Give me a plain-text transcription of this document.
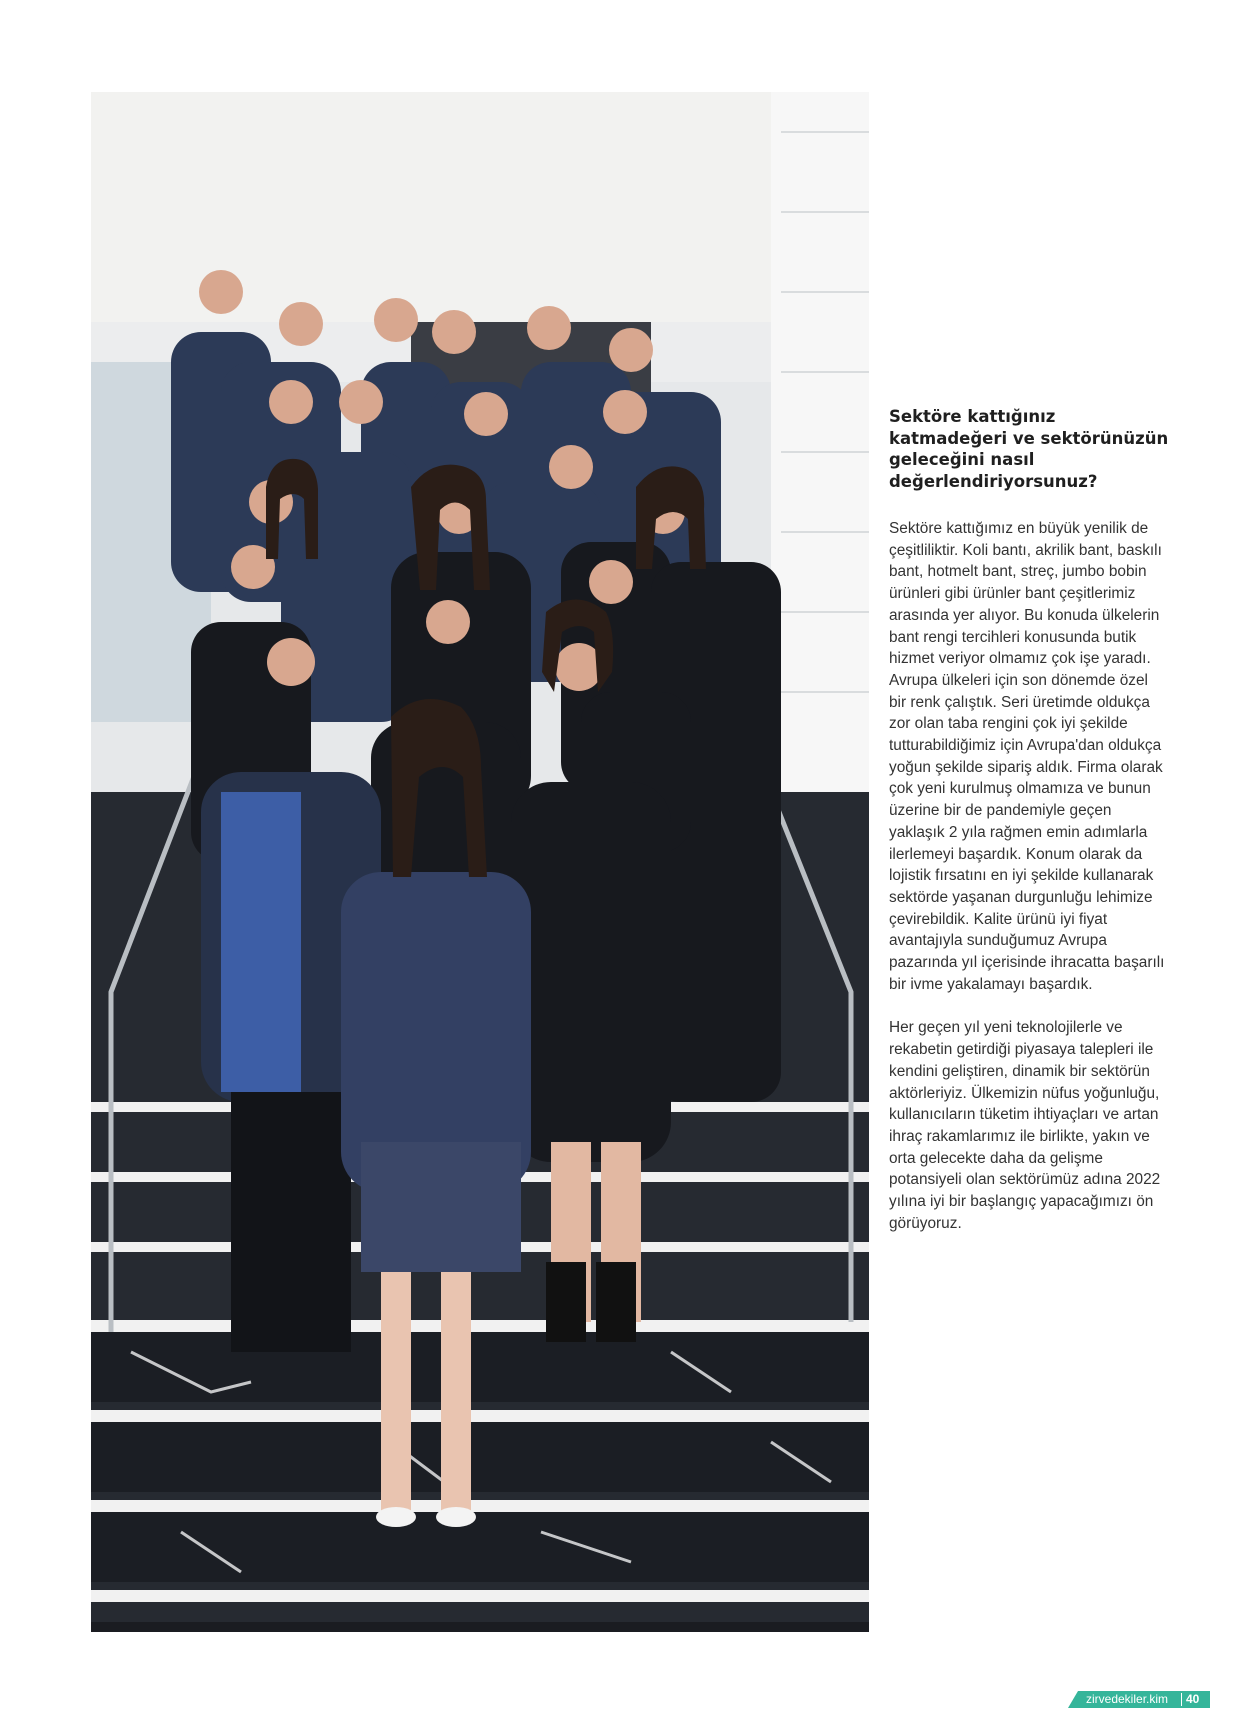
Sektöre kattığınız katmadeğeri ve sektörünüzün geleceğini nasıl değerlendiriyorsunuz?

Sektöre kattığımız en büyük yenilik de çeşitliliktir. Koli bantı, akrilik bant, baskılı bant, hotmelt bant, streç, jumbo bobin ürünleri gibi ürünler bant çeşitlerimiz arasında yer alıyor. Bu konuda ülkelerin bant rengi tercihleri konusunda butik hizmet veriyor olmamız çok işe yaradı. Avrupa ülkeleri için son dönemde özel bir renk çalıştık. Seri üretimde oldukça zor olan taba rengini çok iyi şekilde tutturabildiğimiz için Avrupa'dan oldukça yoğun şekilde sipariş aldık. Firma olarak çok yeni kurulmuş olmamıza ve bunun üzerine bir de pandemiyle geçen yaklaşık 2 yıla rağmen emin adımlarla ilerlemeyi başardık. Konum olarak da lojistik fırsatını en iyi şekilde kullanarak sektörde yaşanan durgunluğu lehimize çevirebildik. Kalite ürünü iyi fiyat avantajıyla sunduğumuz Avrupa pazarında yıl içerisinde ihracatta başarılı bir ivme yakalamayı başardık.

Her geçen yıl yeni teknolojilerle ve rekabetin getirdiği piyasaya talepleri ile kendini geliştiren, dinamik bir sektörün aktörleriyiz. Ülkemizin nüfus yoğunluğu, kullanıcıların tüketim ihtiyaçları ve artan ihraç rakamlarımız ile birlikte, yakın ve orta gelecekte daha da gelişme potansiyeli olan sektörümüz adına 2022 yılına iyi bir başlangıç yapacağımızı ön görüyoruz.

zirvedekiler.kim 40
